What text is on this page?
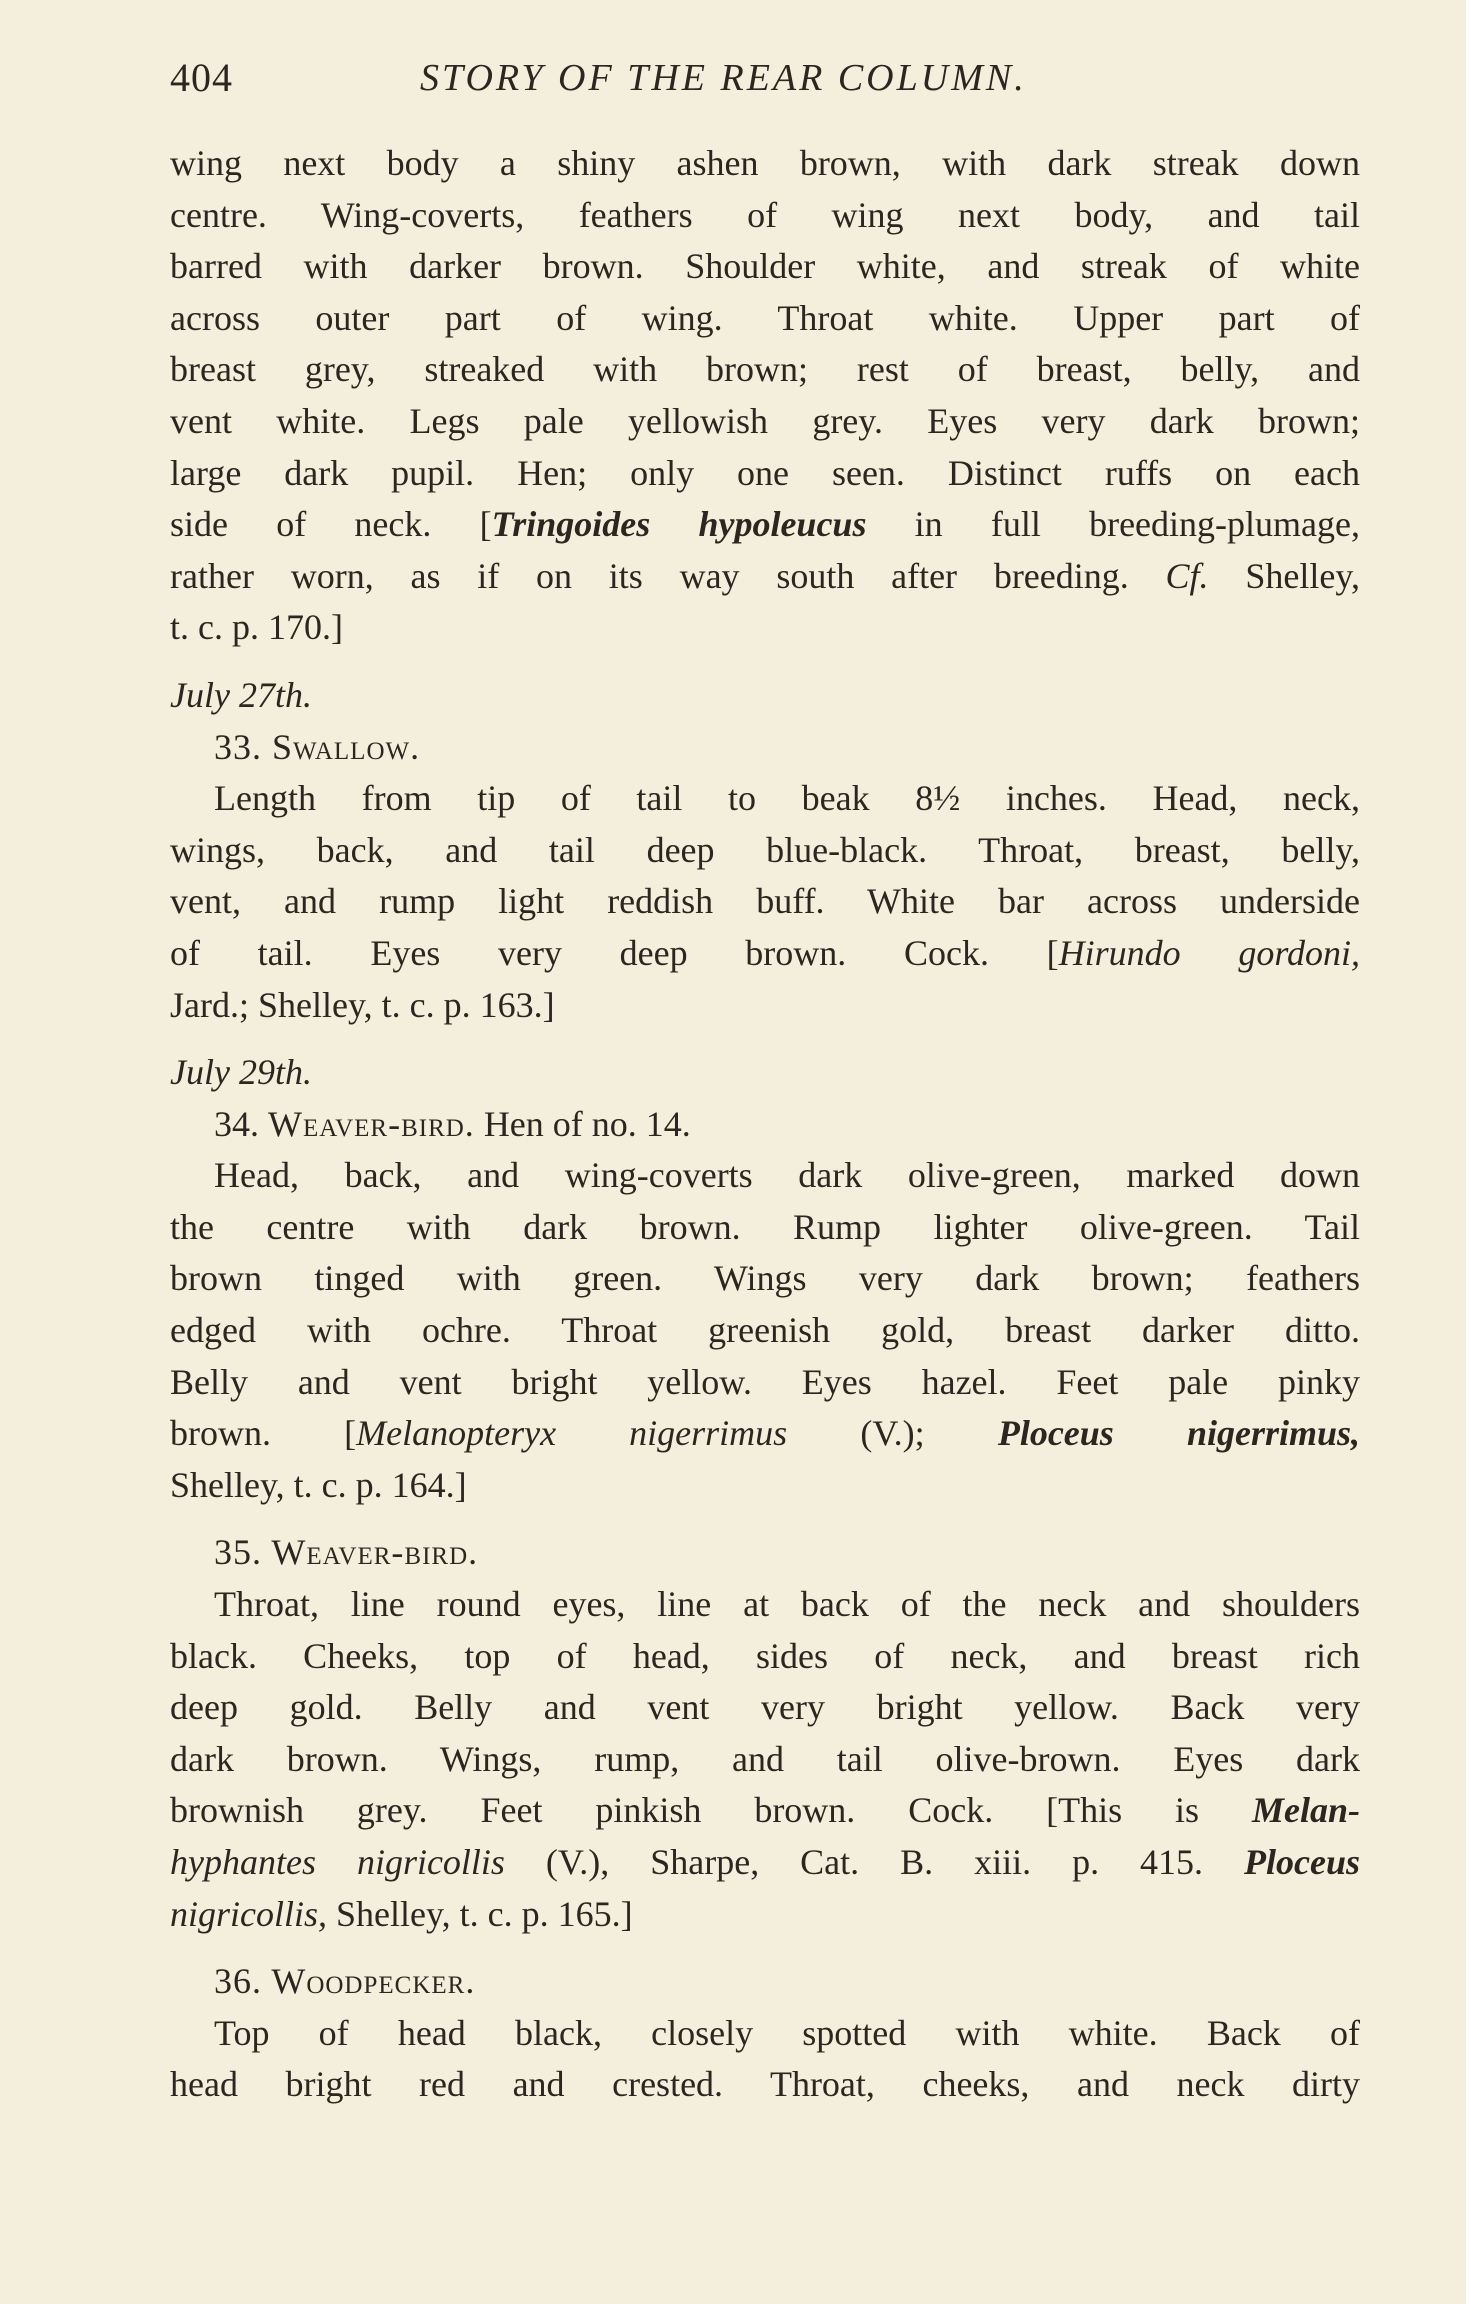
404	STORY OF THE REAR COLUMN.
wing next body a shiny ashen brown, with dark streak down
centre. Wing-coverts, feathers of wing next body, and tail
barred with darker brown. Shoulder white, and streak of white
across outer part of wing. Throat white. Upper part of
breast grey, streaked with brown; rest of breast, belly, and
vent white. Legs pale yellowish grey. Eyes very dark brown;
large dark pupil. Hen; only one seen. Distinct ruffs on each
side of neck. [Tringoides hypoleucus in full breeding-plumage,
rather worn, as if on its way south after breeding. Cf. Shelley,
t. c. p. 170.]
July 27th.
33. Swallow.
Length from tip of tail to beak 8½ inches. Head, neck,
wings, back, and tail deep blue-black. Throat, breast, belly,
vent, and rump light reddish buff. White bar across underside
of tail. Eyes very deep brown. Cock. [Hirundo gordoni,
Jard.; Shelley, t. c. p. 163.]
July 29th.
34. Weaver-bird. Hen of no. 14.
Head, back, and wing-coverts dark olive-green, marked down
the centre with dark brown. Rump lighter olive-green. Tail
brown tinged with green. Wings very dark brown; feathers
edged with ochre. Throat greenish gold, breast darker ditto.
Belly and vent bright yellow. Eyes hazel. Feet pale pinky
brown. [Melanopteryx nigerrimus (V.); Ploceus nigerrimus,
Shelley, t. c. p. 164.]
35. Weaver-bird.
Throat, line round eyes, line at back of the neck and shoulders
black. Cheeks, top of head, sides of neck, and breast rich
deep gold. Belly and vent very bright yellow. Back very
dark brown. Wings, rump, and tail olive-brown. Eyes dark
brownish grey. Feet pinkish brown. Cock. [This is Melan-
hyphantes nigricollis (V.), Sharpe, Cat. B. xiii. p. 415. Ploceus
nigricollis, Shelley, t. c. p. 165.]
36. Woodpecker.
Top of head black, closely spotted with white. Back of
head bright red and crested. Throat, cheeks, and neck dirty
